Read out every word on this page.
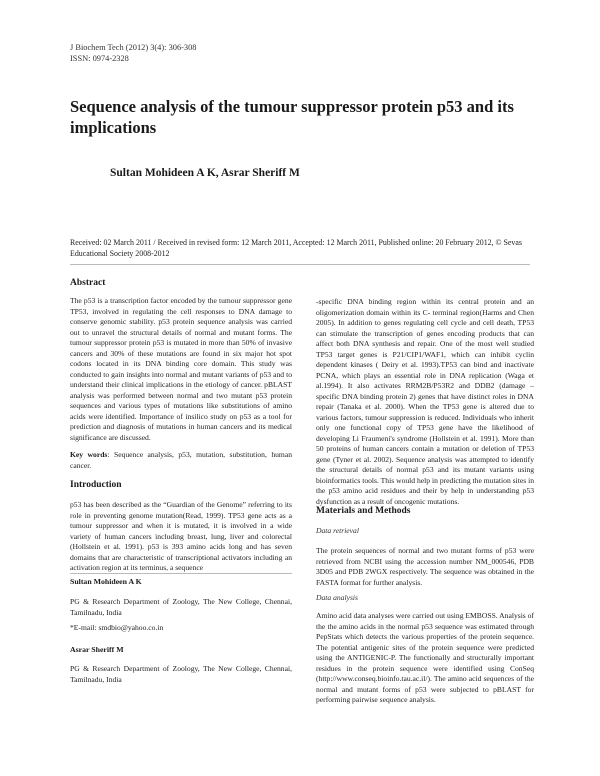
J Biochem Tech (2012) 3(4): 306-308
ISSN: 0974-2328
Sequence analysis of the tumour suppressor protein p53 and its implications
Sultan Mohideen A K, Asrar Sheriff M
Received: 02 March 2011 / Received in revised form: 12 March 2011, Accepted: 12 March 2011, Published online: 20 February 2012, © Sevas Educational Society 2008-2012
Abstract
The p53 is a transcription factor encoded by the tumour suppressor gene TP53, involved in regulating the cell responses to DNA damage to conserve genomic stability. p53 protein sequence analysis was carried out to unravel the structural details of normal and mutant forms. The tumour suppressor protein p53 is mutated in more than 50% of invasive cancers and 30% of these mutations are found in six major hot spot codons located in its DNA binding core domain. This study was conducted to gain insights into normal and mutant variants of p53 and to understand their clinical implications in the etiology of cancer. pBLAST analysis was performed between normal and two mutant p53 protein sequences and various types of mutations like substitutions of amino acids were identified. Importance of insilico study on p53 as a tool for prediction and diagnosis of mutations in human cancers and its medical significance are discussed.
Key words: Sequence analysis, p53, mutation, substitution, human cancer.
Introduction
p53 has been described as the “Guardian of the Genome” referring to its role in preventing genome mutation(Read, 1999). TP53 gene acts as a tumour suppressor and when it is mutated, it is involved in a wide variety of human cancers including breast, lung, liver and colorectal (Hollstein et al. 1991). p53 is 393 amino acids long and has seven domains that are characteristic of transcriptional activators including an activation region at its terminus, a sequence
Sultan Mohideen A K
PG & Research Department of Zoology, The New College, Chennai, Tamilnadu, India
*E-mail: smdbio@yahoo.co.in
Asrar Sheriff M
PG & Research Department of Zoology, The New College, Chennai, Tamilnadu, India
-specific DNA binding region within its central protein and an oligomerization domain within its C- terminal region(Harms and Chen 2005). In addition to genes regulating cell cycle and cell death, TP53 can stimulate the transcription of genes encoding products that can affect both DNA synthesis and repair. One of the most well studied TP53 target genes is P21/CIP1/WAF1, which can inhibit cyclin dependent kinases ( Deiry et al. 1993).TP53 can bind and inactivate PCNA, which plays an essential role in DNA replication (Waga et al.1994). It also activates RRM2B/P53R2 and DDB2 (damage – specific DNA binding protein 2) genes that have distinct roles in DNA repair (Tanaka et al. 2000). When the TP53 gene is altered due to various factors, tumour suppression is reduced. Individuals who inherit only one functional copy of TP53 gene have the likelihood of developing Li Fraumeni's syndrome (Hollstein et al. 1991). More than 50 proteins of human cancers contain a mutation or deletion of TP53 gene (Tyner et al. 2002). Sequence analysis was attempted to identify the structural details of normal p53 and its mutant variants using bioinformatics tools. This would help in predicting the mutation sites in the p53 amino acid residues and their by help in understanding p53 dysfunction as a result of oncogenic mutations.
Materials and Methods
Data retrieval
The protein sequences of normal and two mutant forms of p53 were retrieved from NCBI using the accession number NM_000546, PDB 3D05 and PDB 2WGX respectively. The sequence was obtained in the FASTA format for further analysis.
Data analysis
Amino acid data analyses were carried out using EMBOSS. Analysis of the the amino acids in the normal p53 sequence was estimated through PepStats which detects the various properties of the protein sequence. The potential antigenic sites of the protein sequence were predicted using the ANTIGENIC-P. The functionally and structurally important residues in the protein sequence were identified using ConSeq (http://www.conseq.bioinfo.tau.ac.il/). The amino acid sequences of the normal and mutant forms of p53 were subjected to pBLAST for performing pairwise sequence analysis.
